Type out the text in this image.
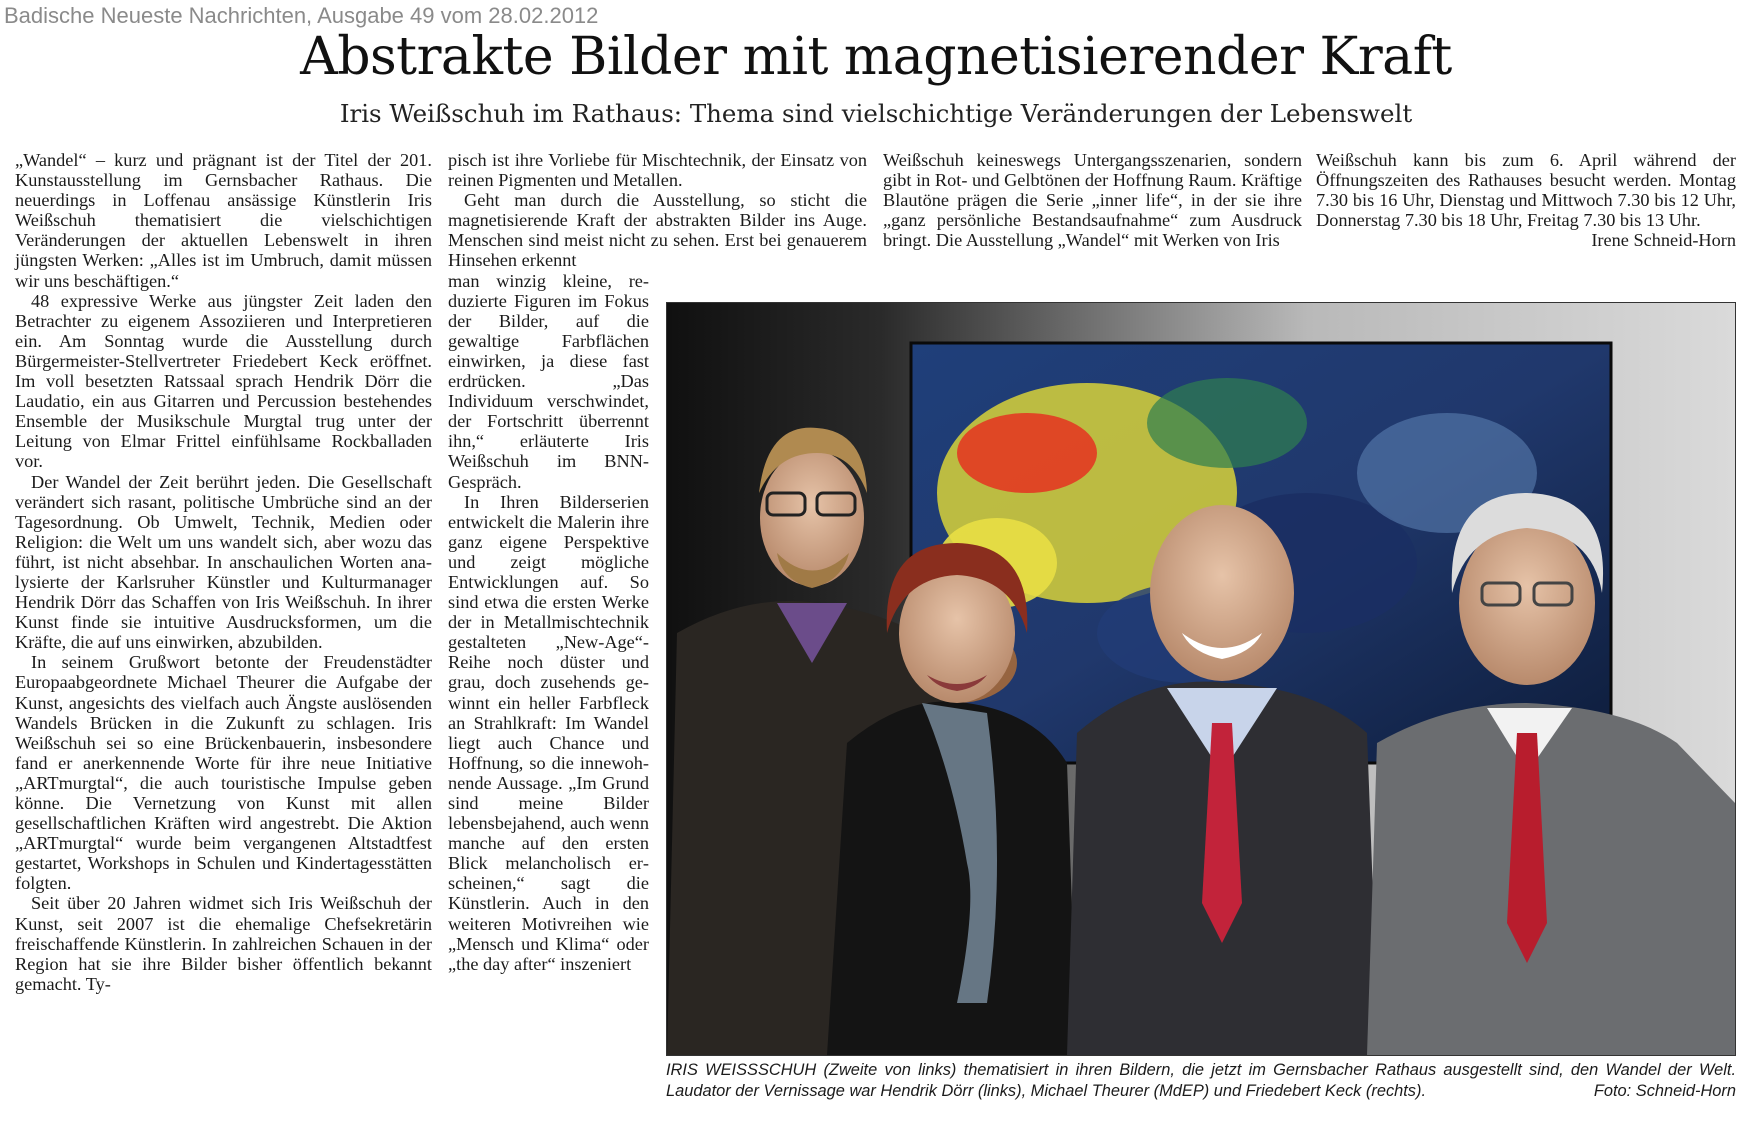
Badische Neueste Nachrichten, Ausgabe 49 vom 28.02.2012
Abstrakte Bilder mit magnetisierender Kraft
Iris Weißschuh im Rathaus: Thema sind vielschichtige Veränderungen der Lebenswelt

„Wandel“ – kurz und prägnant ist der Titel der 201. Kunstausstellung im Gernsbacher Rathaus. Die neuerdings in Loffenau ansässige Künstlerin Iris Weißschuh thematisiert die vielschichtigen Veränderungen der aktuellen Lebenswelt in ihren jüngsten Werken: „Alles ist im Umbruch, damit müssen wir uns beschäftigen.“

48 expressive Werke aus jüngster Zeit laden den Betrachter zu eigenem Assoziieren und Interpretieren ein. Am Sonntag wurde die Ausstellung durch Bürgermeister-Stellvertreter Friedebert Keck eröffnet. Im voll besetzten Ratssaal sprach Hendrik Dörr die Laudatio, ein aus Gitarren und Percussion bestehendes Ensemble der Musikschule Murgtal trug unter der Leitung von Elmar Frittel einfühlsame Rockballaden vor.

Der Wandel der Zeit berührt jeden. Die Gesellschaft verändert sich rasant, politische Umbrüche sind an der Tagesordnung. Ob Umwelt, Technik, Medien oder Religion: die Welt um uns wandelt sich, aber wozu das führt, ist nicht absehbar. In anschaulichen Worten analysierte der Karlsruher Künstler und Kulturmanager Hendrik Dörr das Schaffen von Iris Weißschuh. In ihrer Kunst finde sie intuitive Ausdrucksformen, um die Kräfte, die auf uns einwirken, abzubilden.

In seinem Grußwort betonte der Freudenstädter Europaabgeordnete Michael Theurer die Aufgabe der Kunst, angesichts des vielfach auch Ängste auslösenden Wandels Brücken in die Zukunft zu schlagen. Iris Weißschuh sei so eine Brückenbauerin, insbesondere fand er anerkennende Worte für ihre neue Initiative „ARTmurgtal“, die auch touristische Impulse geben könne. Die Vernetzung von Kunst mit allen gesellschaftlichen Kräften wird angestrebt. Die Aktion „ARTmurgtal“ wurde beim vergangenen Altstadtfest gestartet, Workshops in Schulen und Kindertagesstätten folgten.

Seit über 20 Jahren widmet sich Iris Weißschuh der Kunst, seit 2007 ist die ehemalige Chefsekretärin freischaffende Künstlerin. In zahlreichen Schauen in der Region hat sie ihre Bilder bisher öffentlich bekannt gemacht. Ty-

pisch ist ihre Vorliebe für Mischtechnik, der Einsatz von reinen Pigmenten und Metallen.

Geht man durch die Ausstellung, so sticht die magnetisierende Kraft der abstrakten Bilder ins Auge. Menschen sind meist nicht zu sehen. Erst bei genauerem Hinsehen erkennt

man winzig kleine, reduzierte Figuren im Fokus der Bilder, auf die gewaltige Farbflächen einwirken, ja diese fast erdrücken. „Das Individuum verschwindet, der Fortschritt überrennt ihn,“ erläuterte Iris Weißschuh im BNN-Gespräch.

In Ihren Bilderserien entwickelt die Malerin ihre ganz eigene Perspektive und zeigt mögliche Entwicklungen auf. So sind etwa die ersten Werke der in Metallmischtechnik gestalteten „New-Age“-Reihe noch düster und grau, doch zusehends gewinnt ein heller Farbfleck an Strahlkraft: Im Wandel liegt auch Chance und Hoffnung, so die innewohnende Aussage. „Im Grund sind meine Bilder lebensbejahend, auch wenn manche auf den ersten Blick melancholisch erscheinen,“ sagt die Künstlerin. Auch in den weiteren Motivreihen wie „Mensch und Klima“ oder „the day after“ inszeniert

Weißschuh keineswegs Untergangsszenarien, sondern gibt in Rot- und Gelbtönen der Hoffnung Raum. Kräftige Blautöne prägen die Serie „inner life“, in der sie ihre „ganz persönliche Bestandsaufnahme“ zum Ausdruck bringt. Die Ausstellung „Wandel“ mit Werken von Iris

Weißschuh kann bis zum 6. April während der Öffnungszeiten des Rathauses besucht werden. Montag 7.30 bis 16 Uhr, Dienstag und Mittwoch 7.30 bis 12 Uhr, Donnerstag 7.30 bis 18 Uhr, Freitag 7.30 bis 13 Uhr.

Irene Schneid-Horn

IRIS WEISSSCHUH (Zweite von links) thematisiert in ihren Bildern, die jetzt im Gernsbacher Rathaus ausgestellt sind, den Wandel der Welt. Laudator der Vernissage war Hendrik Dörr (links), Michael Theurer (MdEP) und Friedebert Keck (rechts).	Foto: Schneid-Horn
